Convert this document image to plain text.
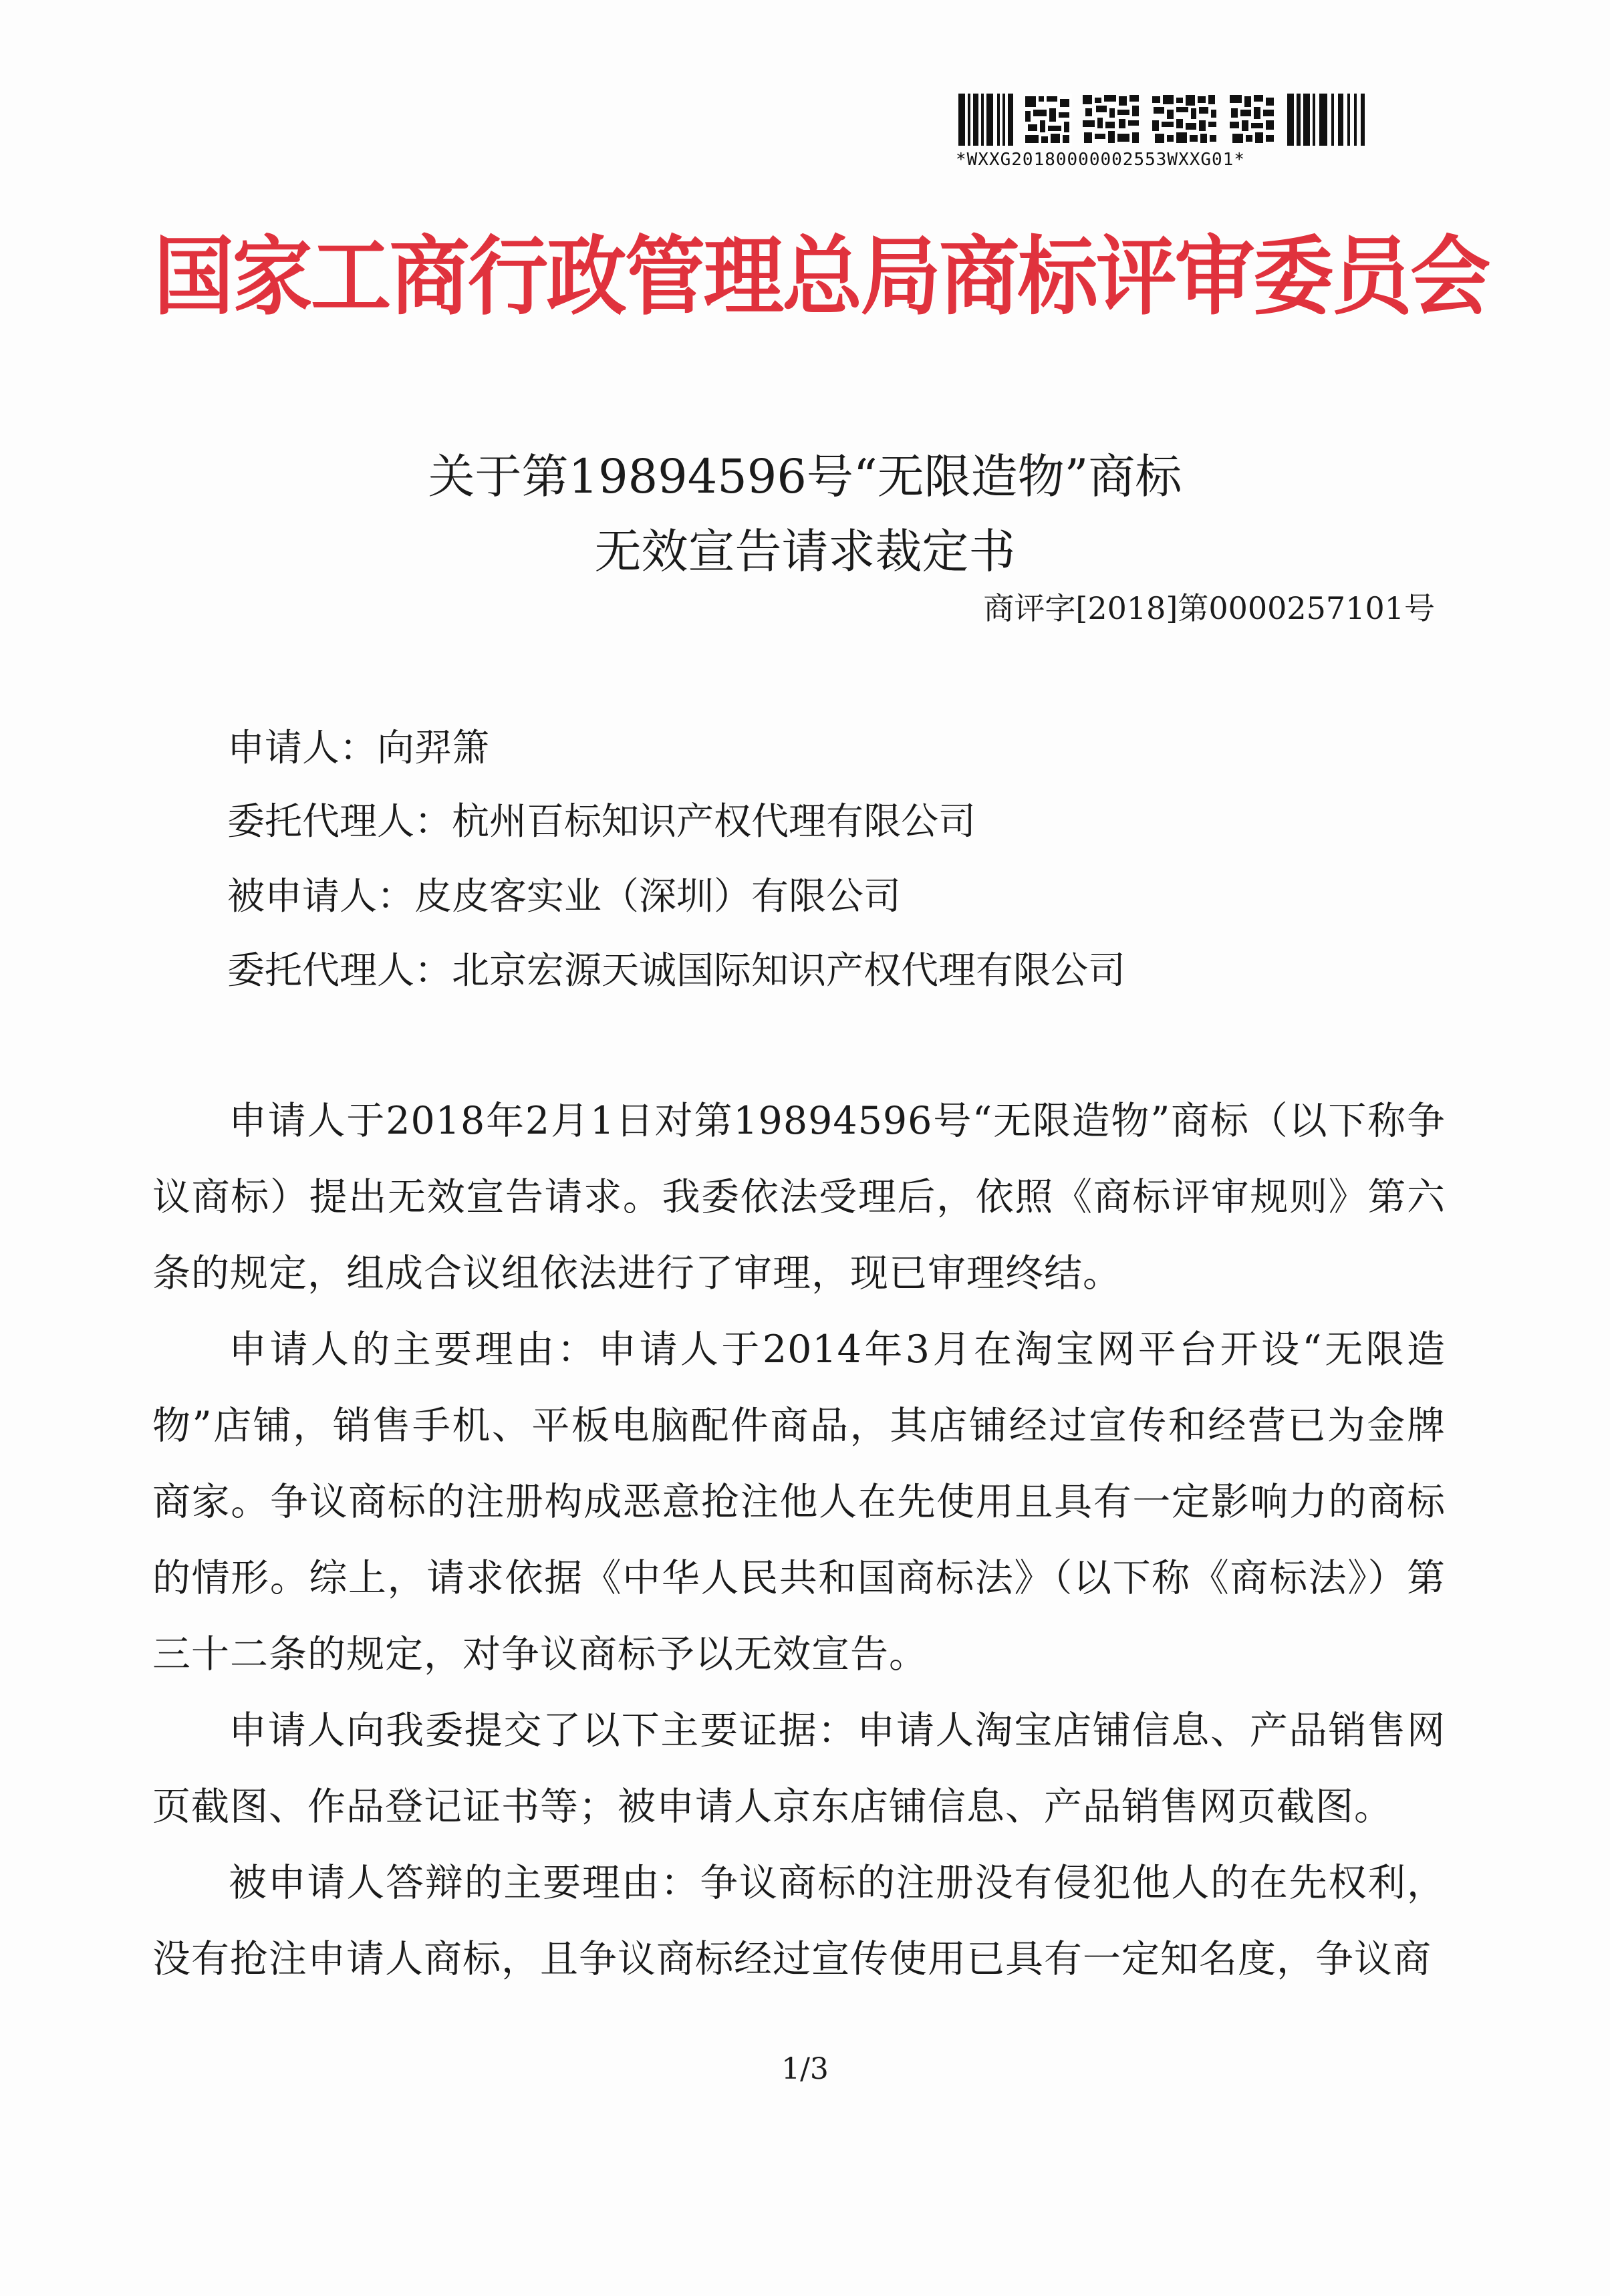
*WXXG20180000002553WXXG01*
国家工商行政管理总局商标评审委员会
关于第19894596号“无限造物”商标
无效宣告请求裁定书
商评字[2018]第0000257101号
申请人：向羿箫
委托代理人：杭州百标知识产权代理有限公司
被申请人：皮皮客实业（深圳）有限公司
委托代理人：北京宏源天诚国际知识产权代理有限公司

申请人于2018年2月1日对第19894596号“无限造物”商标（以下称争议商标）提出无效宣告请求。我委依法受理后，依照《商标评审规则》第六条的规定，组成合议组依法进行了审理，现已审理终结。

申请人的主要理由：申请人于2014年3月在淘宝网平台开设“无限造物”店铺，销售手机、平板电脑配件商品，其店铺经过宣传和经营已为金牌商家。争议商标的注册构成恶意抢注他人在先使用且具有一定影响力的商标的情形。综上，请求依据《中华人民共和国商标法》（以下称《商标法》）第三十二条的规定，对争议商标予以无效宣告。

申请人向我委提交了以下主要证据：申请人淘宝店铺信息、产品销售网页截图、作品登记证书等；被申请人京东店铺信息、产品销售网页截图。

被申请人答辩的主要理由：争议商标的注册没有侵犯他人的在先权利，没有抢注申请人商标，且争议商标经过宣传使用已具有一定知名度，争议商

1/3
